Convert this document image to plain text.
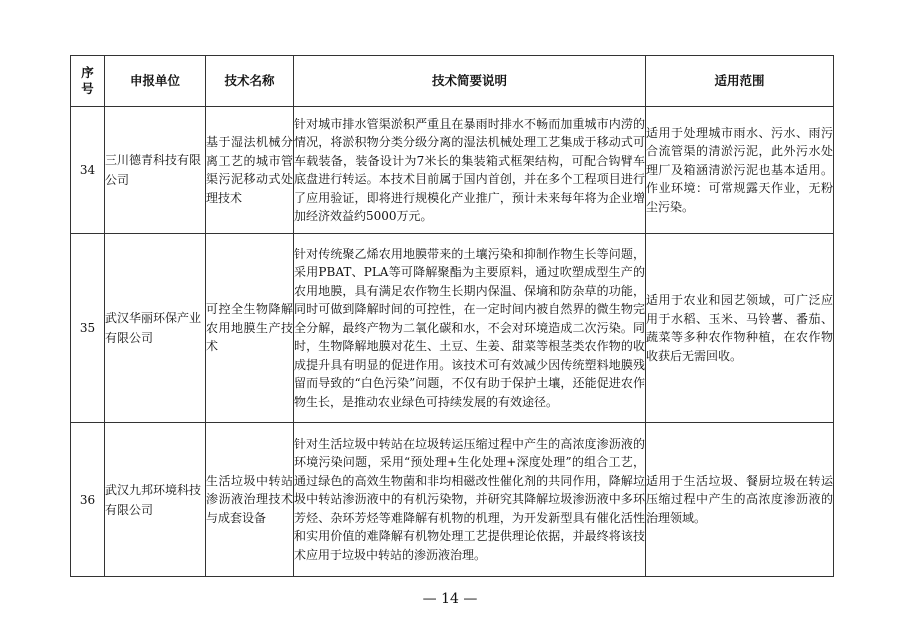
序号	申报单位	技术名称	技术简要说明	适用范围
34	三川德青科技有限公司	基于湿法机械分离工艺的城市管渠污泥移动式处理技术	针对城市排水管渠淤积严重且在暴雨时排水不畅而加重城市内涝的情况，将淤积物分类分级分离的湿法机械处理工艺集成于移动式可车载装备，装备设计为7米长的集装箱式框架结构，可配合钩臂车底盘进行转运。本技术目前属于国内首创，并在多个工程项目进行了应用验证，即将进行规模化产业推广，预计未来每年将为企业增加经济效益约5000万元。	适用于处理城市雨水、污水、雨污合流管渠的清淤污泥，此外污水处理厂及箱涵清淤污泥也基本适用。作业环境：可常规露天作业，无粉尘污染。
35	武汉华丽环保产业有限公司	可控全生物降解农用地膜生产技术	针对传统聚乙烯农用地膜带来的土壤污染和抑制作物生长等问题，采用PBAT、PLA等可降解聚酯为主要原料，通过吹塑成型生产的农用地膜，具有满足农作物生长期内保温、保墒和防杂草的功能，同时可做到降解时间的可控性，在一定时间内被自然界的微生物完全分解，最终产物为二氧化碳和水，不会对环境造成二次污染。同时，生物降解地膜对花生、土豆、生姜、甜菜等根茎类农作物的收成提升具有明显的促进作用。该技术可有效减少因传统塑料地膜残留而导致的“白色污染”问题，不仅有助于保护土壤，还能促进农作物生长，是推动农业绿色可持续发展的有效途径。	适用于农业和园艺领域，可广泛应用于水稻、玉米、马铃薯、番茄、蔬菜等多种农作物种植，在农作物收获后无需回收。
36	武汉九邦环境科技有限公司	生活垃圾中转站渗沥液治理技术与成套设备	针对生活垃圾中转站在垃圾转运压缩过程中产生的高浓度渗沥液的环境污染问题，采用“预处理+生化处理+深度处理”的组合工艺，通过绿色的高效生物菌和非均相磁改性催化剂的共同作用，降解垃圾中转站渗沥液中的有机污染物，并研究其降解垃圾渗沥液中多环芳烃、杂环芳烃等难降解有机物的机理，为开发新型具有催化活性和实用价值的难降解有机物处理工艺提供理论依据，并最终将该技术应用于垃圾中转站的渗沥液治理。	适用于生活垃圾、餐厨垃圾在转运压缩过程中产生的高浓度渗沥液的治理领域。
— 14 —
